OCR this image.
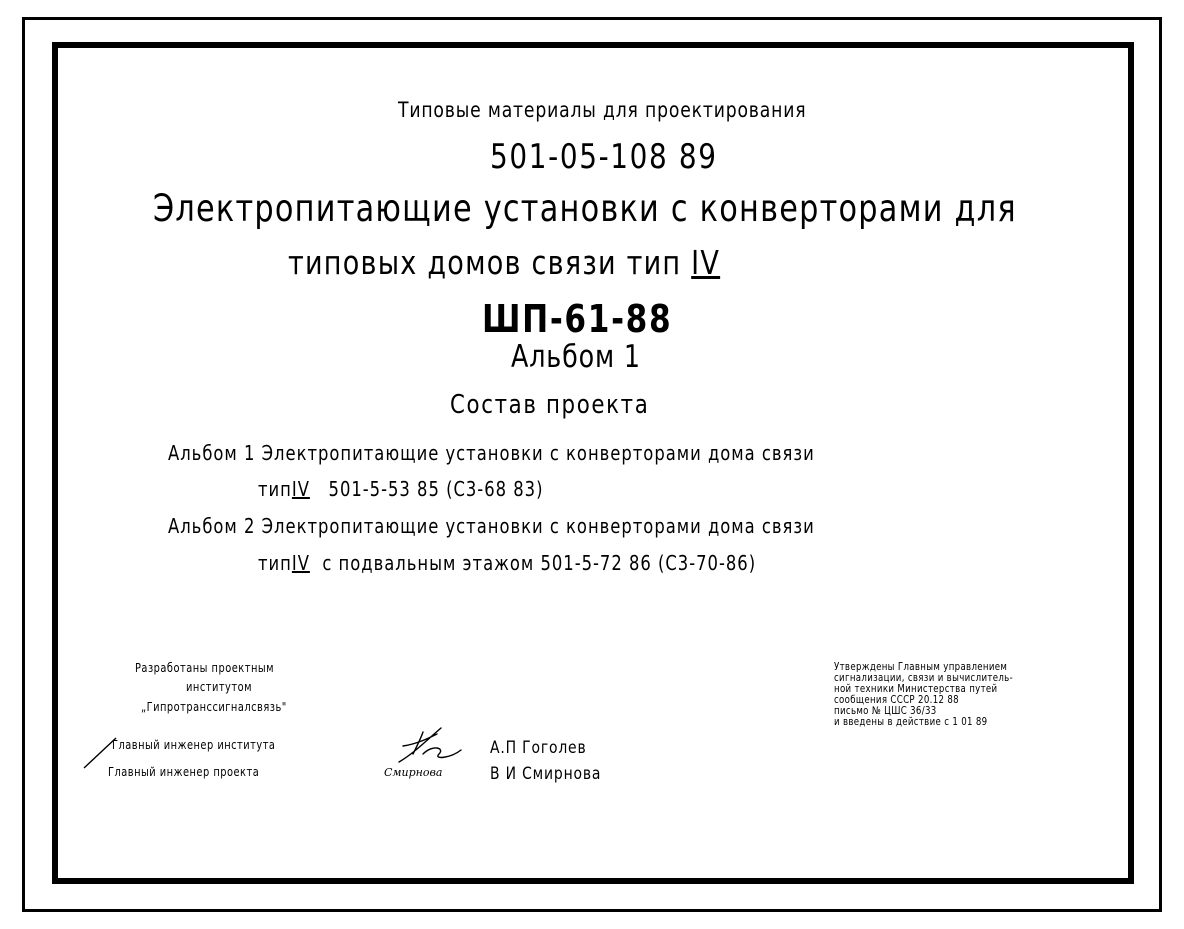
Типовые материалы для проектирования
501-05-108 89
Электропитающие установки с конверторами для
типовых домов связи тип IV
ШП-61-88
Альбом 1
Состав проекта
Альбом 1 Электропитающие установки с конверторами дома связи
типIV 501-5-53 85 (С3-68 83)
Альбом 2 Электропитающие установки с конверторами дома связи
типIV с подвальным этажом 501-5-72 86 (С3-70-86)
Разработаны проектным
институтом
„Гипротранссигналсвязь"
Главный инженер института
Главный инженер проекта	Смирнова
А.П Гоголев
В И Смирнова
Утверждены Главным управлением
сигнализации, связи и вычислитель-
ной техники Министерства путей
сообщения СССР 20.12 88
письмо № ЦШС 36/33
и введены в действие с 1 01 89
